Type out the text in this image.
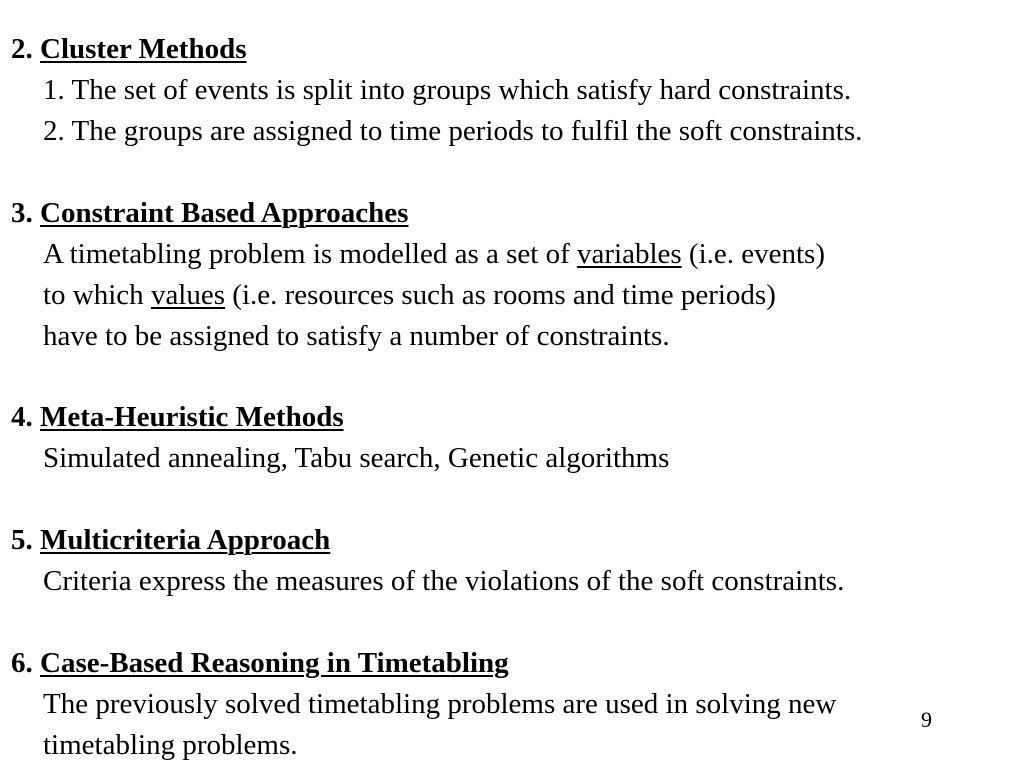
2. Cluster Methods

1. The set of events is split into groups which satisfy hard constraints.

2. The groups are assigned to time periods to fulfil the soft constraints.

3. Constraint Based Approaches

A timetabling problem is modelled as a set of variables (i.e. events)

to which values (i.e. resources such as rooms and time periods)

have to be assigned to satisfy a number of constraints.

4. Meta-Heuristic Methods

Simulated annealing, Tabu search, Genetic algorithms

5. Multicriteria Approach

Criteria express the measures of the violations of the soft constraints.

6. Case-Based Reasoning in Timetabling

The previously solved timetabling problems are used in solving new

timetabling problems.

9
